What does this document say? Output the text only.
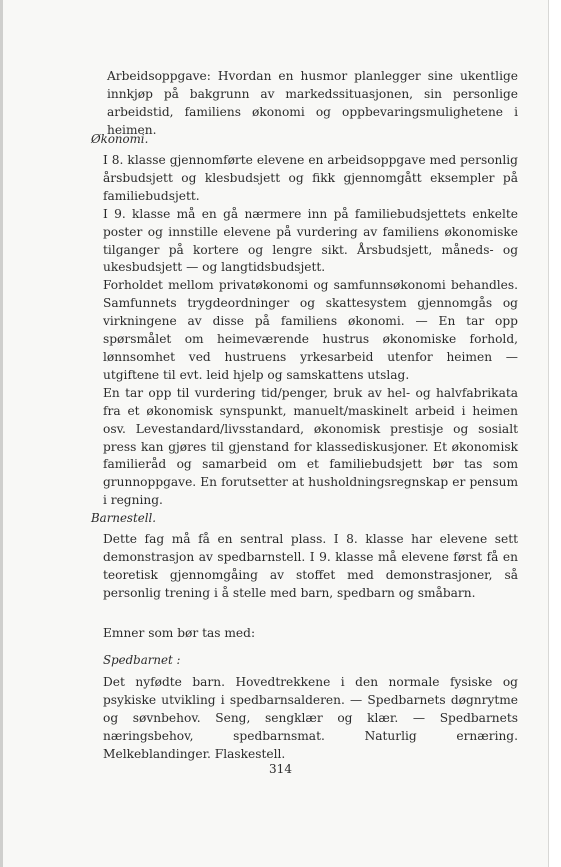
Arbeidsoppgave: Hvordan en husmor planlegger sine ukentlige innkjøp på bakgrunn av markedssituasjonen, sin personlige arbeidstid, familiens økonomi og oppbevaringsmulighetene i heimen.

Økonomi.

I 8. klasse gjennomførte elevene en arbeidsoppgave med personlig årsbudsjett og klesbudsjett og fikk gjennomgått eksempler på familiebudsjett.

I 9. klasse må en gå nærmere inn på familiebudsjettets enkelte poster og innstille elevene på vurdering av familiens økonomiske tilganger på kortere og lengre sikt. Årsbudsjett, måneds- og ukesbudsjett — og langtidsbudsjett.

Forholdet mellom privatøkonomi og samfunnsøkonomi behandles. Samfunnets trygdeordninger og skattesystem gjennomgås og virkningene av disse på familiens økonomi. — En tar opp spørsmålet om heimeværende hustrus økonomiske forhold, lønnsomhet ved hustruens yrkesarbeid utenfor heimen — utgiftene til evt. leid hjelp og samskattens utslag.

En tar opp til vurdering tid/penger, bruk av hel- og halvfabrikata fra et økonomisk synspunkt, manuelt/maskinelt arbeid i heimen osv. Levestandard/livsstandard, økonomisk prestisje og sosialt press kan gjøres til gjenstand for klassediskusjoner. Et økonomisk familieråd og samarbeid om et familiebudsjett bør tas som grunnoppgave. En forutsetter at husholdningsregnskap er pensum i regning.

Barnestell.

Dette fag må få en sentral plass. I 8. klasse har elevene sett demonstrasjon av spedbarnstell. I 9. klasse må elevene først få en teoretisk gjennomgåing av stoffet med demonstrasjoner, så personlig trening i å stelle med barn, spedbarn og småbarn.

Emner som bør tas med:
Spedbarnet :

Det nyfødte barn. Hovedtrekkene i den normale fysiske og psykiske utvikling i spedbarnsalderen. — Spedbarnets døgnrytme og søvnbehov. Seng, sengklær og klær. — Spedbarnets næringsbehov, spedbarnsmat. Naturlig ernæring. Melkeblandinger. Flaskestell.

314
